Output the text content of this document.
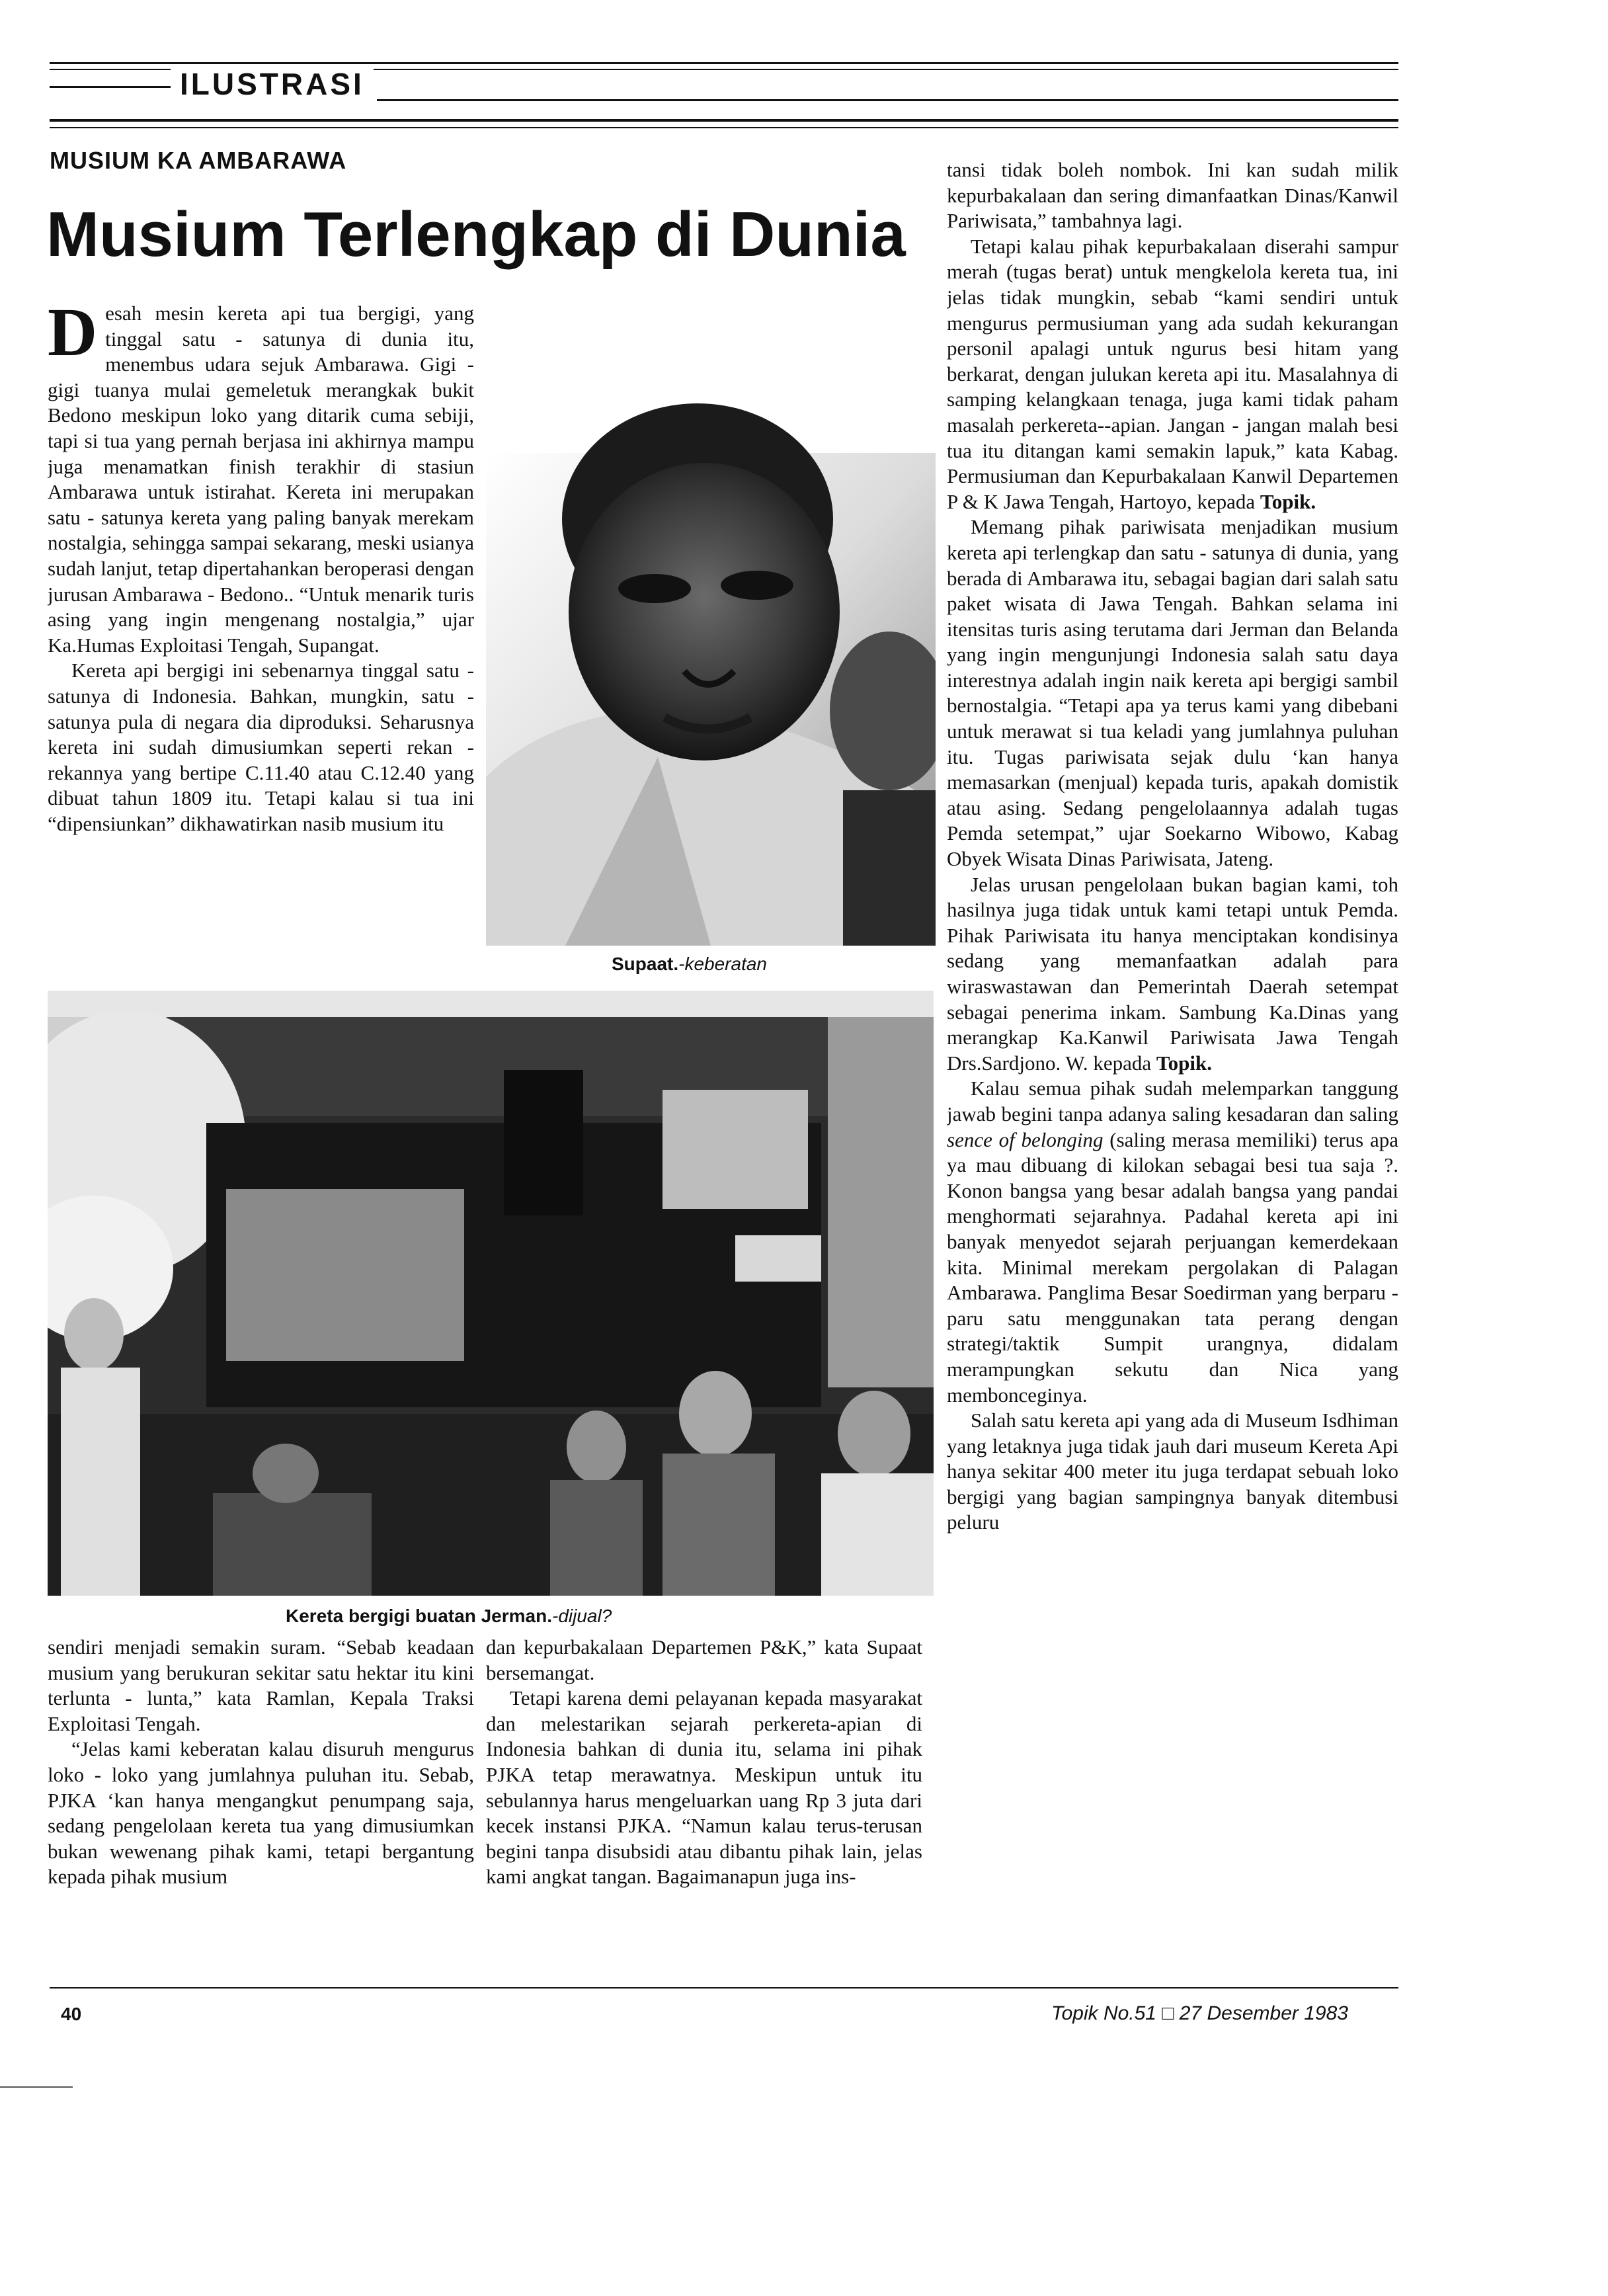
ILUSTRASI
MUSIUM KA AMBARAWA
Musium Terlengkap di Dunia
D esah mesin kereta api tua bergigi, yang tinggal satu - satunya di dunia itu, menembus udara sejuk Ambarawa. Gigi - gigi tuanya mulai gemeletuk merangkak bukit Bedono meskipun loko yang ditarik cuma sebiji, tapi si tua yang pernah berjasa ini akhirnya mampu juga menamatkan finish terakhir di stasiun Ambarawa untuk istirahat. Kereta ini merupakan satu - satunya kereta yang paling banyak merekam nostalgia, sehingga sampai sekarang, meski usianya sudah lanjut, tetap dipertahankan beroperasi dengan jurusan Ambarawa - Bedono.. “Untuk menarik turis asing yang ingin mengenang nostalgia,” ujar Ka.Humas Exploitasi Tengah, Supangat.

Kereta api bergigi ini sebenarnya tinggal satu - satunya di Indonesia. Bahkan, mungkin, satu - satunya pula di negara dia diproduksi. Seharusnya kereta ini sudah dimusiumkan seperti rekan - rekannya yang bertipe C.11.40 atau C.12.40 yang dibuat tahun 1809 itu. Tetapi kalau si tua ini “dipensiunkan” dikhawatirkan nasib musium itu

Supaat.-keberatan
Kereta bergigi buatan Jerman.-dijual?

sendiri menjadi semakin suram. “Sebab keadaan musium yang berukuran sekitar satu hektar itu kini terlunta - lunta,” kata Ramlan, Kepala Traksi Exploitasi Tengah.

“Jelas kami keberatan kalau disuruh mengurus loko - loko yang jumlahnya puluhan itu. Sebab, PJKA ‘kan hanya mengangkut penumpang saja, sedang pengelolaan kereta tua yang dimusiumkan bukan wewenang pihak kami, tetapi bergantung kepada pihak musium

dan kepurbakalaan Departemen P&K,” kata Supaat bersemangat.

Tetapi karena demi pelayanan kepada masyarakat dan melestarikan sejarah perkereta-apian di Indonesia bahkan di dunia itu, selama ini pihak PJKA tetap merawatnya. Meskipun untuk itu sebulannya harus mengeluarkan uang Rp 3 juta dari kecek instansi PJKA. “Namun kalau terus-terusan begini tanpa disubsidi atau dibantu pihak lain, jelas kami angkat tangan. Bagaimanapun juga ins-

tansi tidak boleh nombok. Ini kan sudah milik kepurbakalaan dan sering dimanfaatkan Dinas/Kanwil Pariwisata,” tambahnya lagi.

Tetapi kalau pihak kepurbakalaan diserahi sampur merah (tugas berat) untuk mengkelola kereta tua, ini jelas tidak mungkin, sebab “kami sendiri untuk mengurus permusiuman yang ada sudah kekurangan personil apalagi untuk ngurus besi hitam yang berkarat, dengan julukan kereta api itu. Masalahnya di samping kelangkaan tenaga, juga kami tidak paham masalah perkereta--apian. Jangan - jangan malah besi tua itu ditangan kami semakin lapuk,” kata Kabag. Permusiuman dan Kepurbakalaan Kanwil Departemen P & K Jawa Tengah, Hartoyo, kepada Topik.

Memang pihak pariwisata menjadikan musium kereta api terlengkap dan satu - satunya di dunia, yang berada di Ambarawa itu, sebagai bagian dari salah satu paket wisata di Jawa Tengah. Bahkan selama ini itensitas turis asing terutama dari Jerman dan Belanda yang ingin mengunjungi Indonesia salah satu daya interestnya adalah ingin naik kereta api bergigi sambil bernostalgia. “Tetapi apa ya terus kami yang dibebani untuk merawat si tua keladi yang jumlahnya puluhan itu. Tugas pariwisata sejak dulu ‘kan hanya memasarkan (menjual) kepada turis, apakah domistik atau asing. Sedang pengelolaannya adalah tugas Pemda setempat,” ujar Soekarno Wibowo, Kabag Obyek Wisata Dinas Pariwisata, Jateng.

Jelas urusan pengelolaan bukan bagian kami, toh hasilnya juga tidak untuk kami tetapi untuk Pemda. Pihak Pariwisata itu hanya menciptakan kondisinya sedang yang memanfaatkan adalah para wiraswastawan dan Pemerintah Daerah setempat sebagai penerima inkam. Sambung Ka.Dinas yang merangkap Ka.Kanwil Pariwisata Jawa Tengah Drs.Sardjono. W. kepada Topik.

Kalau semua pihak sudah melemparkan tanggung jawab begini tanpa adanya saling kesadaran dan saling sence of belonging (saling merasa memiliki) terus apa ya mau dibuang di kilokan sebagai besi tua saja ?. Konon bangsa yang besar adalah bangsa yang pandai menghormati sejarahnya. Padahal kereta api ini banyak menyedot sejarah perjuangan kemerdekaan kita. Minimal merekam pergolakan di Palagan Ambarawa. Panglima Besar Soedirman yang berparu - paru satu menggunakan tata perang dengan strategi/taktik Sumpit urangnya, didalam merampungkan sekutu dan Nica yang membonceginya.

Salah satu kereta api yang ada di Museum Isdhiman yang letaknya juga tidak jauh dari museum Kereta Api hanya sekitar 400 meter itu juga terdapat sebuah loko bergigi yang bagian sampingnya banyak ditembusi peluru

40	Topik No.51 □ 27 Desember 1983
